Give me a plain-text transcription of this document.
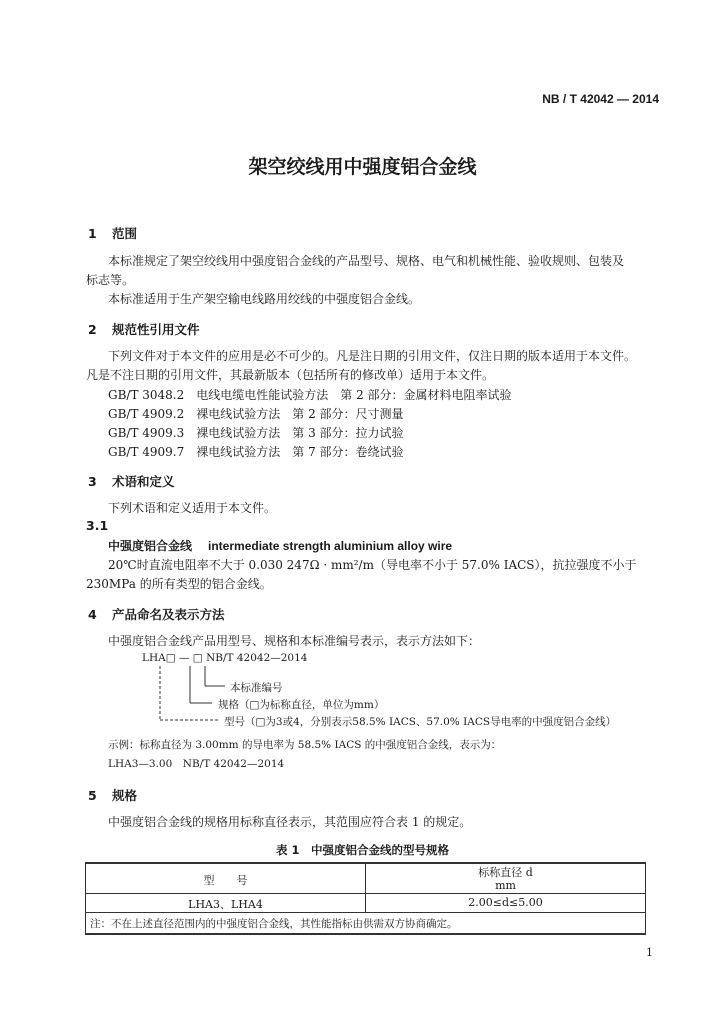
NB / T 42042 — 2014
架空绞线用中强度铝合金线
1 范围
本标准规定了架空绞线用中强度铝合金线的产品型号、规格、电气和机械性能、验收规则、包装及
标志等。
本标准适用于生产架空输电线路用绞线的中强度铝合金线。
2 规范性引用文件
下列文件对于本文件的应用是必不可少的。凡是注日期的引用文件，仅注日期的版本适用于本文件。
凡是不注日期的引用文件，其最新版本（包括所有的修改单）适用于本文件。
GB/T 3048.2　电线电缆电性能试验方法　第 2 部分：金属材料电阻率试验
GB/T 4909.2　裸电线试验方法　第 2 部分：尺寸测量
GB/T 4909.3　裸电线试验方法　第 3 部分：拉力试验
GB/T 4909.7　裸电线试验方法　第 7 部分：卷绕试验
3 术语和定义
下列术语和定义适用于本文件。
3.1
中强度铝合金线 intermediate strength aluminium alloy wire
20℃时直流电阻率不大于 0.030 247Ω · mm²/m（导电率不小于 57.0% IACS），抗拉强度不小于
230MPa 的所有类型的铝合金线。
4 产品命名及表示方法
中强度铝合金线产品用型号、规格和本标准编号表示，表示方法如下：
LHA□ — □ NB/T 42042—2014
本标准编号
规格（□为标称直径，单位为mm）
型号（□为3或4，分别表示58.5% IACS、57.0% IACS导电率的中强度铝合金线）
示例：标称直径为 3.00mm 的导电率为 58.5% IACS 的中强度铝合金线，表示为：
LHA3—3.00　NB/T 42042—2014
5 规格
中强度铝合金线的规格用标称直径表示，其范围应符合表 1 的规定。
表 1　中强度铝合金线的型号规格
型　　号
标称直径 d
mm
LHA3、LHA4	2.00≤d≤5.00
注：不在上述直径范围内的中强度铝合金线，其性能指标由供需双方协商确定。
1
